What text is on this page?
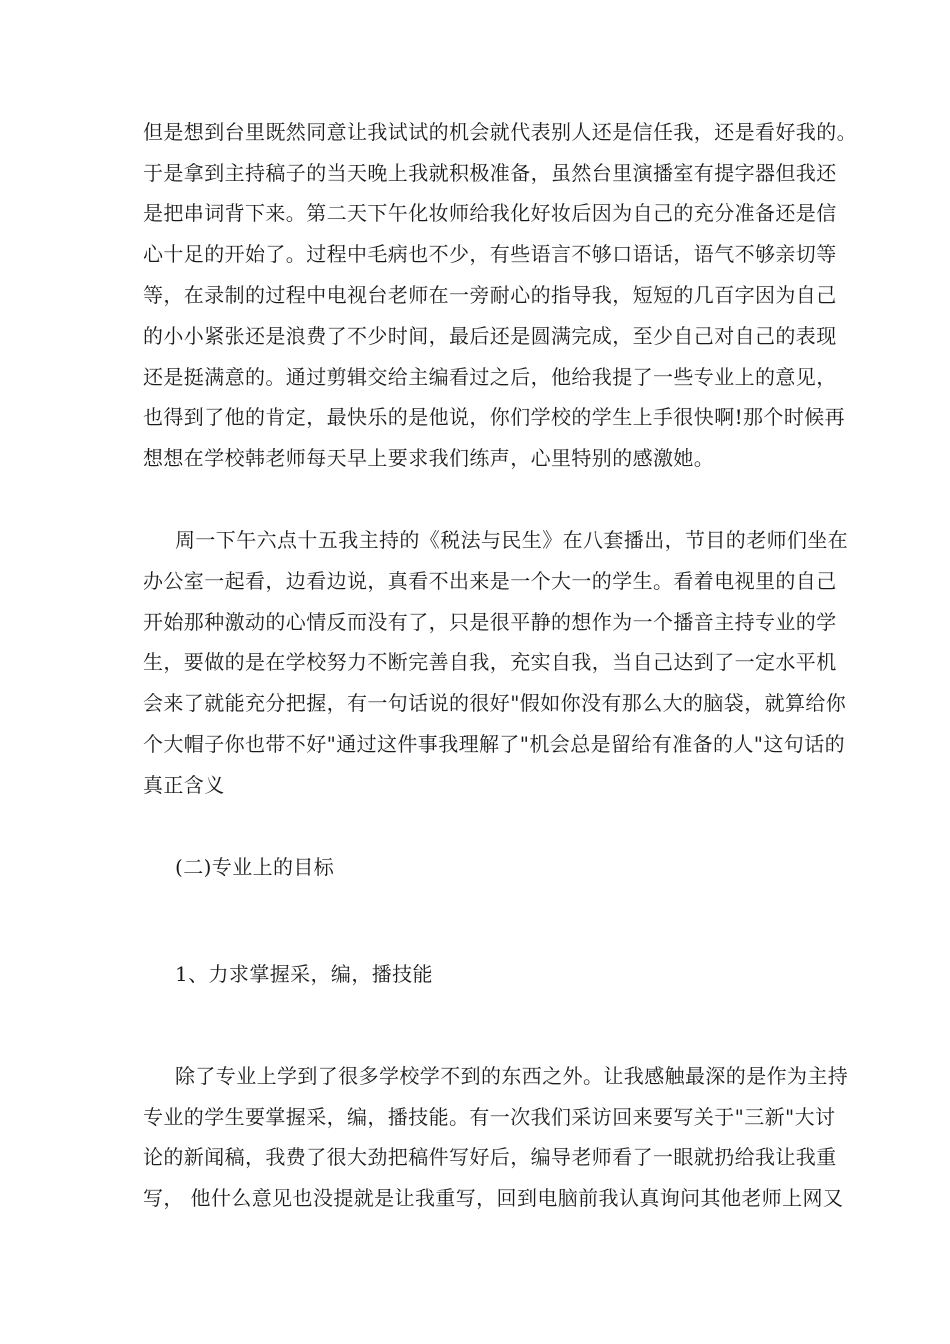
但是想到台里既然同意让我试试的机会就代表别人还是信任我，还是看好我的。
于是拿到主持稿子的当天晚上我就积极准备，虽然台里演播室有提字器但我还
是把串词背下来。第二天下午化妆师给我化好妆后因为自己的充分准备还是信
心十足的开始了。过程中毛病也不少，有些语言不够口语话，语气不够亲切等
等，在录制的过程中电视台老师在一旁耐心的指导我，短短的几百字因为自己
的小小紧张还是浪费了不少时间，最后还是圆满完成，至少自己对自己的表现
还是挺满意的。通过剪辑交给主编看过之后，他给我提了一些专业上的意见，
也得到了他的肯定，最快乐的是他说，你们学校的学生上手很快啊!那个时候再
想想在学校韩老师每天早上要求我们练声，心里特别的感激她。
周一下午六点十五我主持的《税法与民生》在八套播出，节目的老师们坐在
办公室一起看，边看边说，真看不出来是一个大一的学生。看着电视里的自己
开始那种激动的心情反而没有了，只是很平静的想作为一个播音主持专业的学
生，要做的是在学校努力不断完善自我，充实自我，当自己达到了一定水平机
会来了就能充分把握，有一句话说的很好"假如你没有那么大的脑袋，就算给你
个大帽子你也带不好"通过这件事我理解了"机会总是留给有准备的人"这句话的
真正含义
(二)专业上的目标
1、力求掌握采，编，播技能
除了专业上学到了很多学校学不到的东西之外。让我感触最深的是作为主持
专业的学生要掌握采，编，播技能。有一次我们采访回来要写关于"三新"大讨
论的新闻稿，我费了很大劲把稿件写好后，编导老师看了一眼就扔给我让我重
写， 他什么意见也没提就是让我重写，回到电脑前我认真询问其他老师上网又
